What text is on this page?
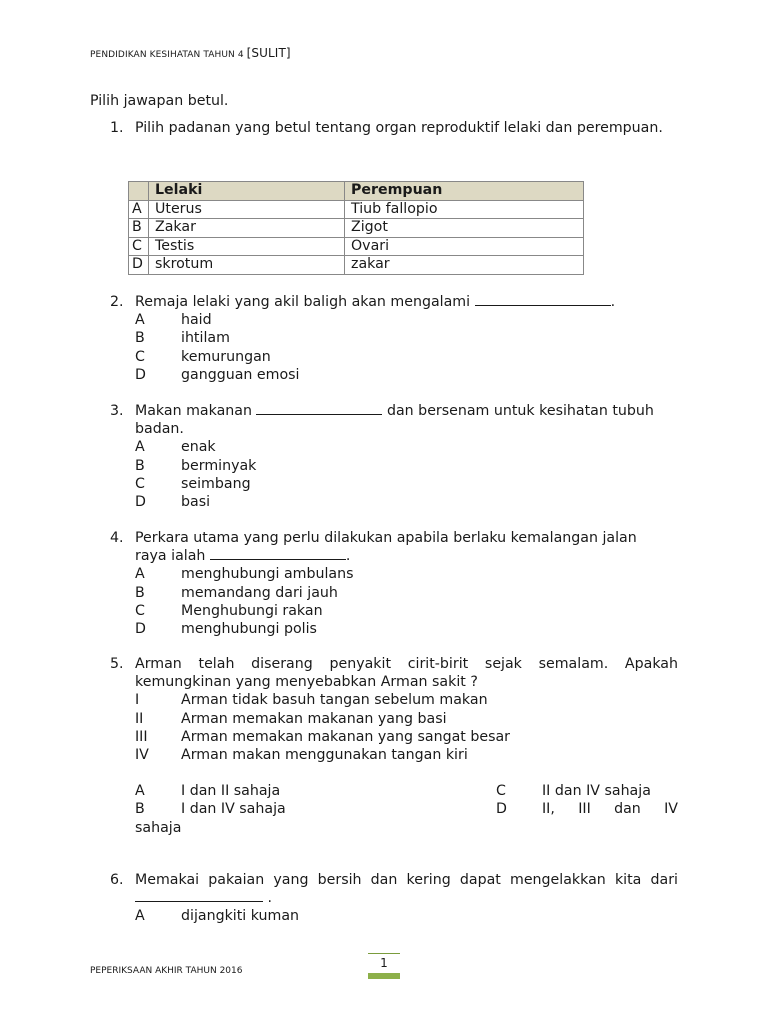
PENDIDIKAN KESIHATAN TAHUN 4 [SULIT]
Pilih jawapan betul.
1. Pilih padanan yang betul tentang organ reproduktif lelaki dan perempuan.
	Lelaki	Perempuan
A	Uterus	Tiub fallopio
B	Zakar	Zigot
C	Testis	Ovari
D	skrotum	zakar
2. Remaja lelaki yang akil baligh akan mengalami	.
A	haid
B	ihtilam
C	kemurungan
D	gangguan emosi
3. Makan makanan	dan bersenam untuk kesihatan tubuh badan.
A	enak
B	berminyak
C	seimbang
D	basi
4. Perkara utama yang perlu dilakukan apabila berlaku kemalangan jalan
raya ialah	.
A	menghubungi ambulans
B	memandang dari jauh
C	Menghubungi rakan
D	menghubungi polis
5. Arman telah diserang penyakit cirit-birit sejak semalam. Apakah
kemungkinan yang menyebabkan Arman sakit ?
I	Arman tidak basuh tangan sebelum makan
II	Arman memakan makanan yang basi
III	Arman memakan makanan yang sangat besar
IV	Arman makan menggunakan tangan kiri
A	I dan II sahaja	C	II dan IV sahaja
B	I dan IV sahaja	D	II, III dan IV
sahaja
6. Memakai pakaian yang bersih dan kering dapat mengelakkan kita dari
.
A	dijangkiti kuman
PEPERIKSAAN AKHIR TAHUN 2016
1
